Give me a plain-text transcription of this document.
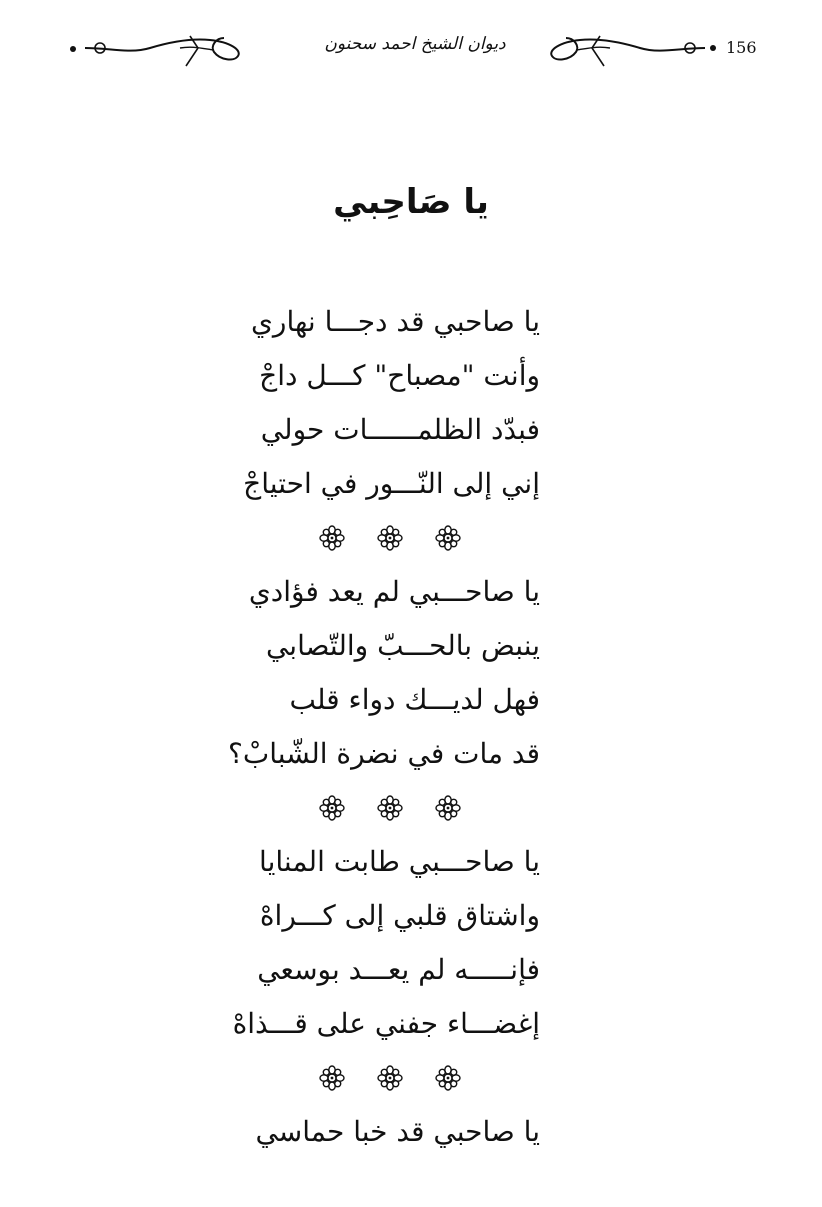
156
ديوان الشيخ احمد سحنون
يا صَاحِبي
يا صاحبي قد دجـــا نهاري
وأنت "مصباح" كـــل داجْ
فبدّد الظلمــــــات حولي
إني إلى النّـــور في احتياجْ
يا صاحـــبي لم يعد فؤادي
ينبض بالحـــبّ والتّصابي
فهل لديـــك دواء قلب
قد مات في نضرة الشّبابْ؟
يا صاحـــبي طابت المنايا
واشتاق قلبي إلى كـــراهْ
فإنـــــه لم يعـــد بوسعي
إغضـــاء جفني على قـــذاهْ
يا صاحبي قد خبا حماسي
